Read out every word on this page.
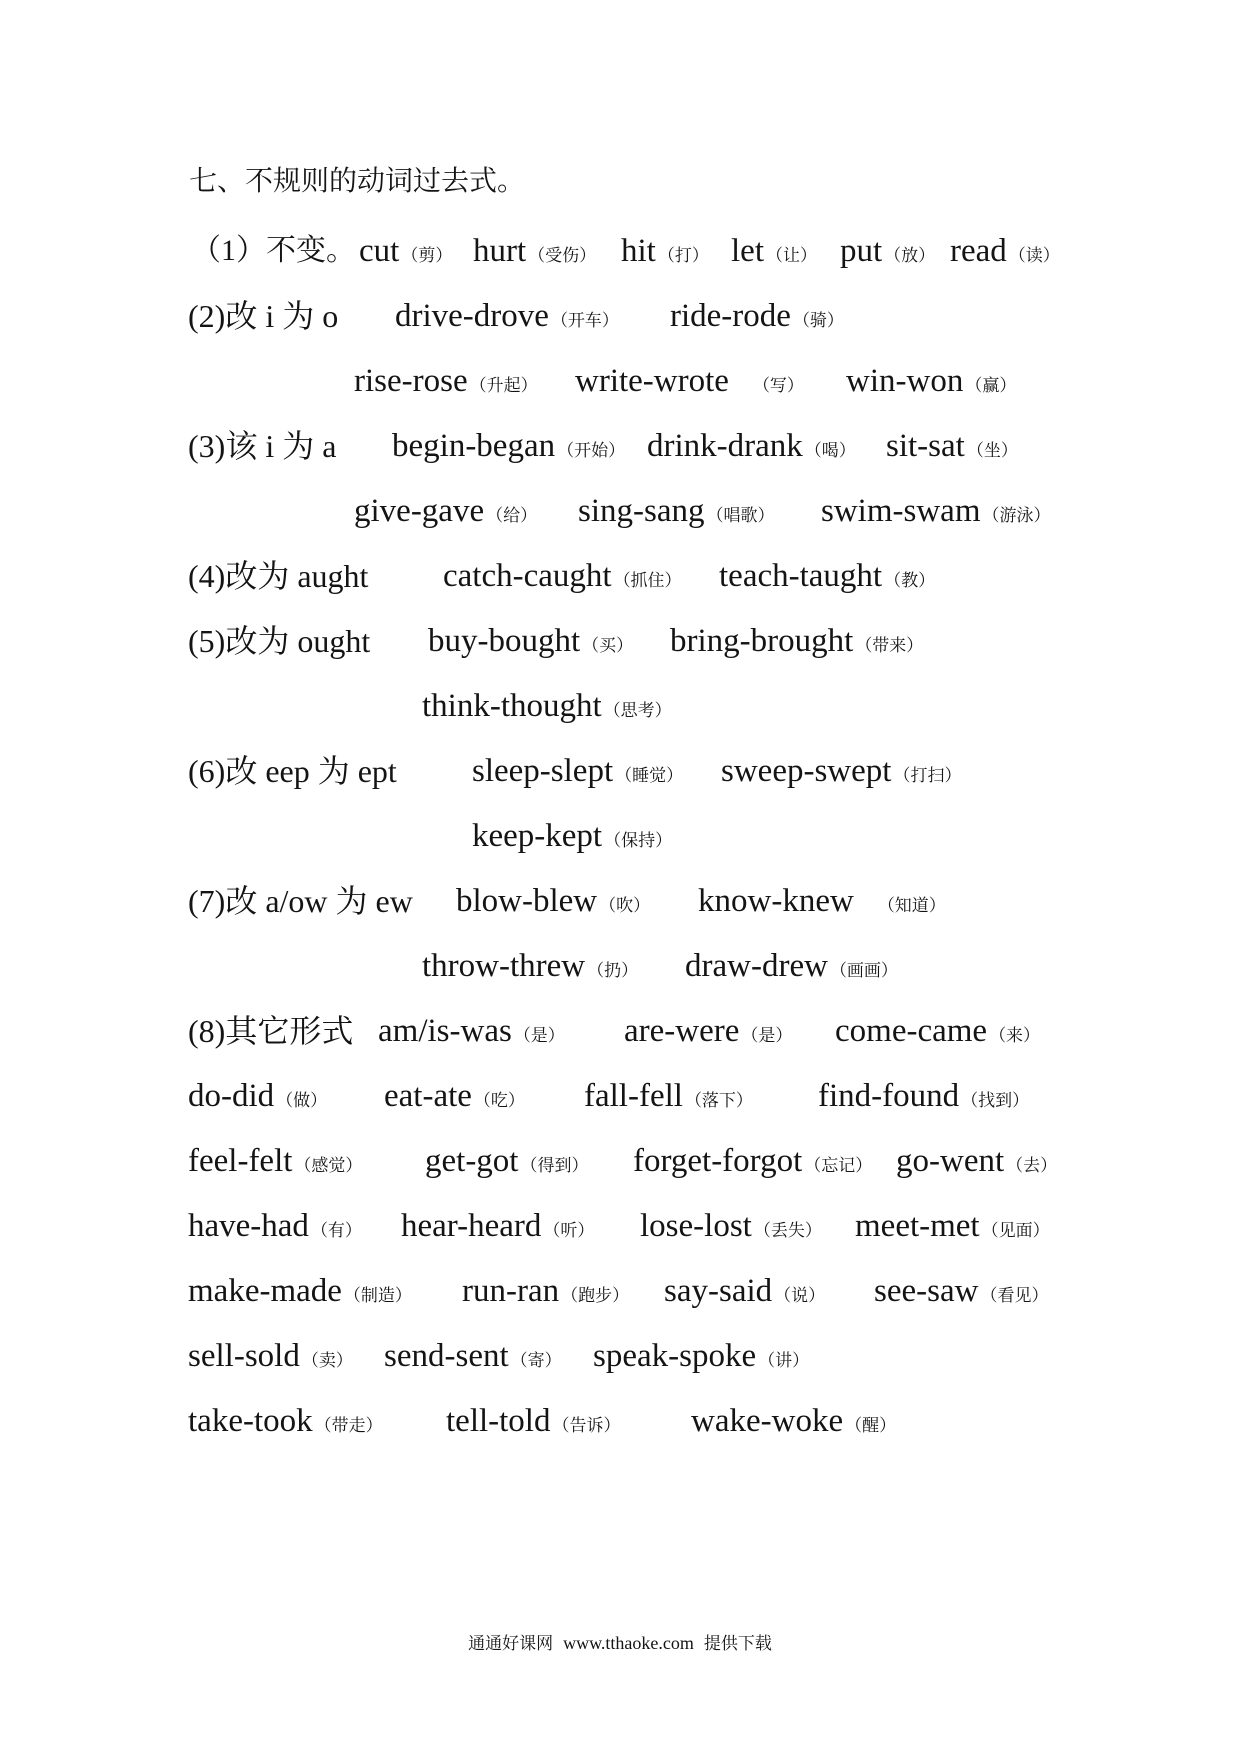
七、不规则的动词过去式。
（1）不变。 cut （剪） hurt （受伤） hit （打） let （让） put （放） read （读）
(2)改 i 为 o drive-drove （开车） ride-rode （骑）
rise-rose （升起） write-wrote （写） win-won （赢）
(3)该 i 为 a begin-began （开始） drink-drank （喝） sit-sat （坐）
give-gave （给） sing-sang （唱歌） swim-swam （游泳）
(4)改为 aught catch-caught （抓住） teach-taught （教）
(5)改为 ought buy-bought （买） bring-brought （带来）
think-thought （思考）
(6)改 eep 为 ept sleep-slept （睡觉） sweep-swept （打扫）
keep-kept （保持）
(7)改 a/ow 为 ew blow-blew （吹） know-knew （知道）
throw-threw （扔） draw-drew （画画）
(8)其它形式 am/is-was （是） are-were （是） come-came （来）
do-did （做） eat-ate （吃） fall-fell （落下） find-found （找到）
feel-felt （感觉） get-got （得到） forget-forgot （忘记） go-went （去）
have-had （有） hear-heard （听） lose-lost （丢失） meet-met （见面）
make-made （制造） run-ran （跑步） say-said （说） see-saw （看见）
sell-sold （卖） send-sent （寄） speak-spoke （讲）
take-took （带走） tell-told （告诉） wake-woke （醒）
通通好课网 www.tthaoke.com 提供下载
